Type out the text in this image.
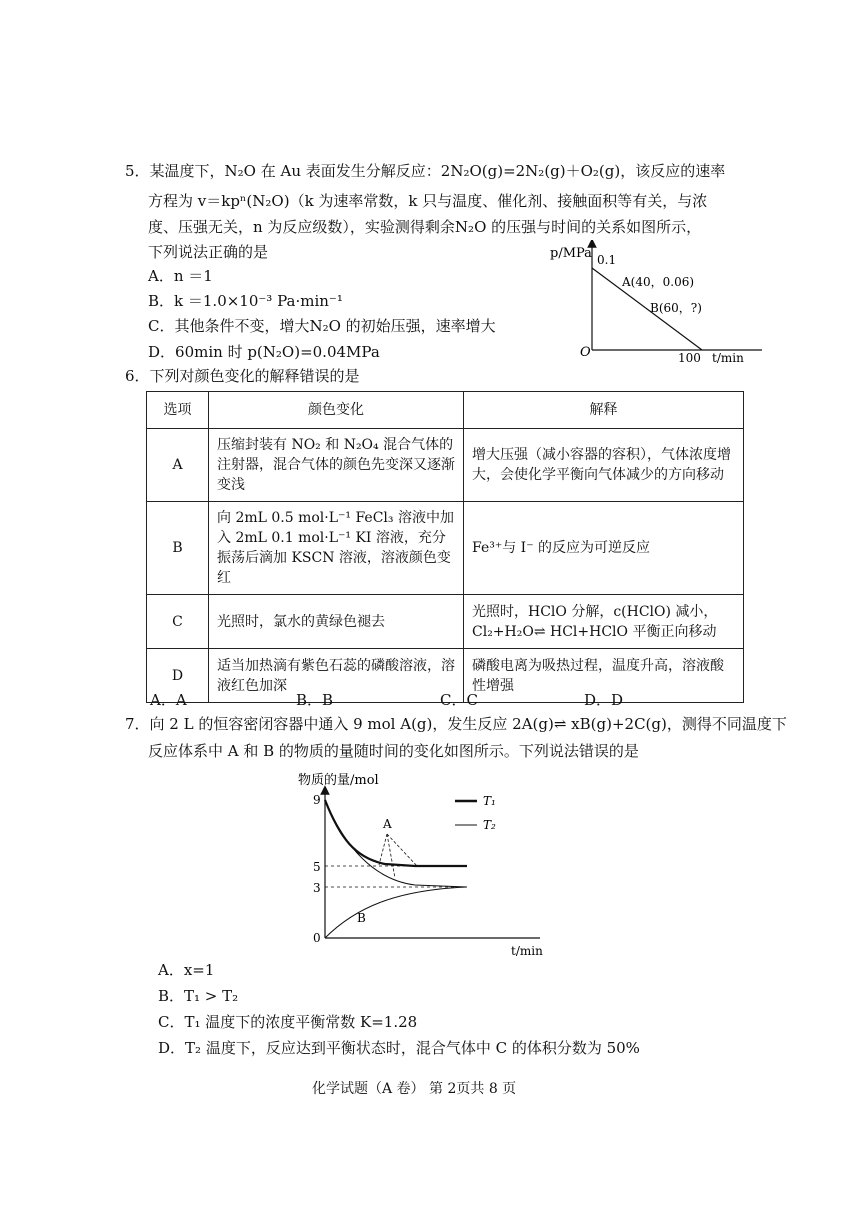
5．某温度下，N₂O 在 Au 表面发生分解反应：2N₂O(g)=2N₂(g)＋O₂(g)，该反应的速率
方程为 v＝kpⁿ(N₂O)（k 为速率常数，k 只与温度、催化剂、接触面积等有关，与浓
度、压强无关，n 为反应级数），实验测得剩余N₂O 的压强与时间的关系如图所示，
下列说法正确的是
A．n ＝1
B．k ＝1.0×10⁻³ Pa·min⁻¹
C．其他条件不变，增大N₂O 的初始压强，速率增大
D．60min 时 p(N₂O)=0.04MPa
p/MPa 0.1
A(40，0.06)
B(60，?)
O	100 t/min
6．下列对颜色变化的解释错误的是
选项	颜色变化	解释
A	压缩封装有 NO₂ 和 N₂O₄ 混合气体的注射器，混合气体的颜色先变深又逐渐变浅	增大压强（减小容器的容积），气体浓度增大，会使化学平衡向气体减少的方向移动
B	向 2mL 0.5 mol·L⁻¹ FeCl₃ 溶液中加入 2mL 0.1 mol·L⁻¹ KI 溶液，充分振荡后滴加 KSCN 溶液，溶液颜色变红	Fe³⁺与 I⁻ 的反应为可逆反应
C	光照时，氯水的黄绿色褪去	光照时，HClO 分解，c(HClO) 减小，Cl₂+H₂O⇌ HCl+HClO 平衡正向移动
D	适当加热滴有紫色石蕊的磷酸溶液，溶液红色加深	磷酸电离为吸热过程，温度升高，溶液酸性增强
A．A	B．B	C．C	D．D
7．向 2 L 的恒容密闭容器中通入 9 mol A(g)，发生反应 2A(g)⇌ xB(g)+2C(g)，测得不同温度下
反应体系中 A 和 B 的物质的量随时间的变化如图所示。下列说法错误的是
物质的量/mol
9
5
3
0
A
B
T₁
T₂
t/min
A．x=1
B．T₁ > T₂
C．T₁ 温度下的浓度平衡常数 K=1.28
D．T₂ 温度下，反应达到平衡状态时，混合气体中 C 的体积分数为 50%
化学试题（A 卷） 第 2页共 8 页
